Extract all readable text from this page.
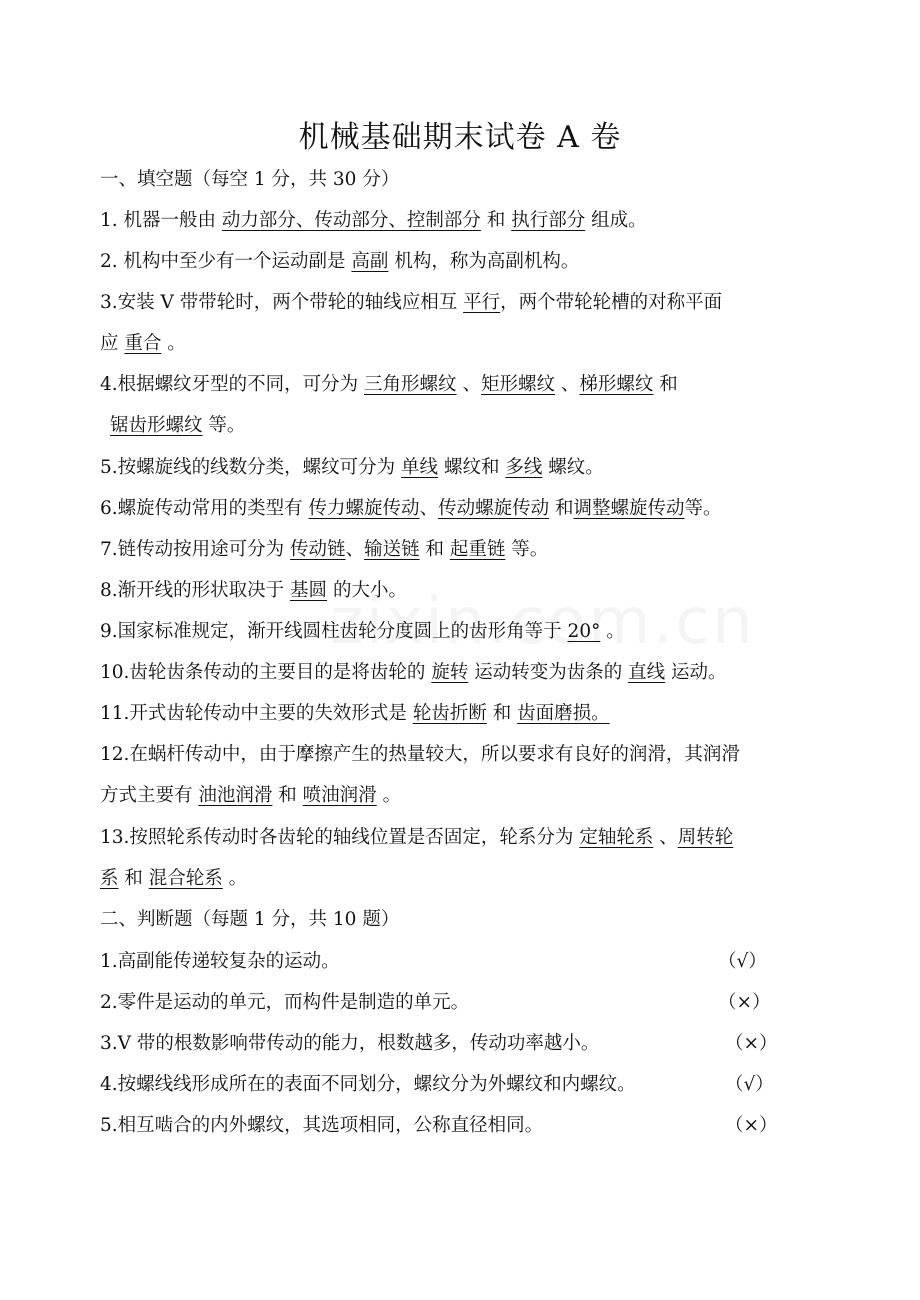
机械基础期末试卷 A 卷
一、填空题（每空 1 分，共 30 分）
1. 机器一般由 动力部分、传动部分、控制部分 和 执行部分 组成。
2. 机构中至少有一个运动副是 高副 机构，称为高副机构。
3.安装 V 带带轮时，两个带轮的轴线应相互 平行，两个带轮轮槽的对称平面
应 重合 。
4.根据螺纹牙型的不同，可分为 三角形螺纹 、矩形螺纹 、梯形螺纹 和
锯齿形螺纹 等。
5.按螺旋线的线数分类，螺纹可分为 单线 螺纹和 多线 螺纹。
6.螺旋传动常用的类型有 传力螺旋传动、传动螺旋传动 和调整螺旋传动等。
7.链传动按用途可分为 传动链、输送链 和 起重链 等。
8.渐开线的形状取决于 基圆 的大小。
9.国家标准规定，渐开线圆柱齿轮分度圆上的齿形角等于 20° 。
10.齿轮齿条传动的主要目的是将齿轮的 旋转 运动转变为齿条的 直线 运动。
11.开式齿轮传动中主要的失效形式是 轮齿折断 和 齿面磨损。
12.在蜗杆传动中，由于摩擦产生的热量较大，所以要求有良好的润滑，其润滑
方式主要有 油池润滑 和 喷油润滑 。
13.按照轮系传动时各齿轮的轴线位置是否固定，轮系分为 定轴轮系 、周转轮
系 和 混合轮系 。
二、判断题（每题 1 分，共 10 题）
1.高副能传递较复杂的运动。	（√）
2.零件是运动的单元，而构件是制造的单元。	（×）
3.V 带的根数影响带传动的能力，根数越多，传动功率越小。	（×）
4.按螺线线形成所在的表面不同划分，螺纹分为外螺纹和内螺纹。	（√）
5.相互啮合的内外螺纹，其选项相同，公称直径相同。	（×）
